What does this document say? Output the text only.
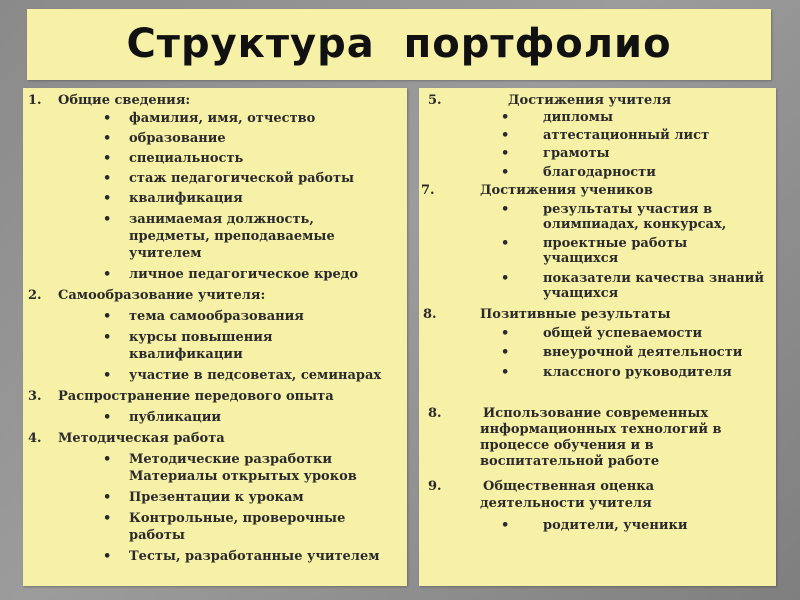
Структура портфолио

1. Общие сведения:

• фамилия, имя, отчество

• образование

• специальность

• стаж педагогической работы

• квалификация

• занимаемая должность,

предметы, преподаваемые

учителем

• личное педагогическое кредо

2. Самообразование учителя:

• тема самообразования

• курсы повышения

квалификации

• участие в педсоветах, семинарах

3. Распространение передового опыта

• публикации

4. Методическая работа

• Методические разработки

Материалы открытых уроков

• Презентации к урокам

• Контрольные, проверочные

работы

• Тесты, разработанные учителем

5.	Достижения учителя

•	дипломы

•	аттестационный лист

•	грамоты

•	благодарности

7.	Достижения учеников

•	результаты участия в

олимпиадах, конкурсах,

•	проектные работы

учащихся

•	показатели качества знаний

учащихся

8.	Позитивные результаты

•	общей успеваемости

•	внеурочной деятельности

•	классного руководителя

8.	Использование современных

информационных технологий в

процессе обучения и в

воспитательной работе

9.	Общественная оценка

деятельности учителя

•	родители, ученики
